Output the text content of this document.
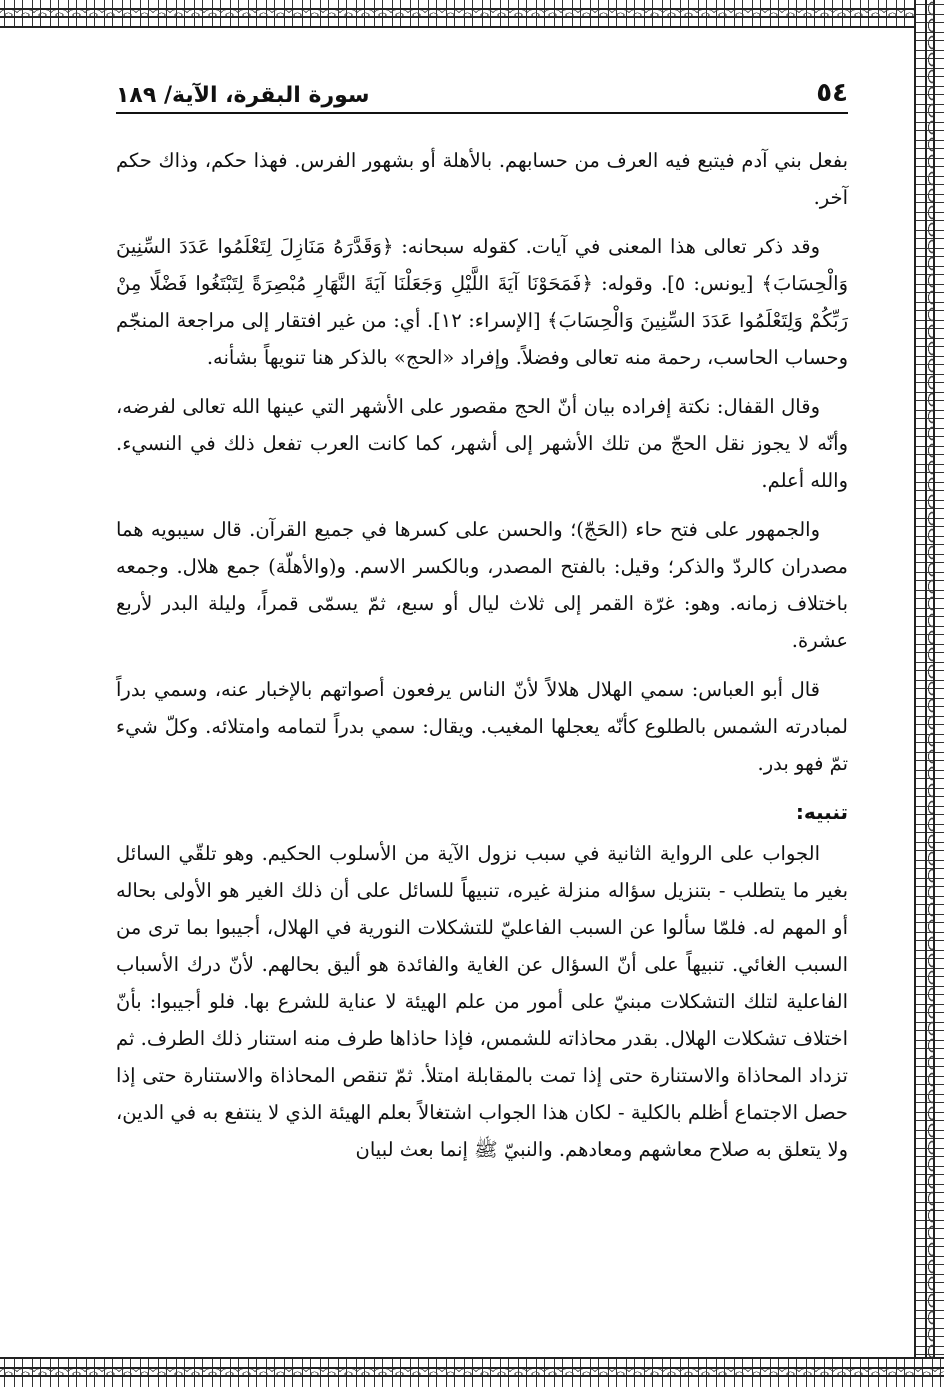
٥٤
سورة البقرة، الآية/ ١٨٩

بفعل بني آدم فيتبع فيه العرف من حسابهم. بالأهلة أو بشهور الفرس. فهذا حكم، وذاك حكم آخر.

وقد ذكر تعالى هذا المعنى في آيات. كقوله سبحانه: ﴿وَقَدَّرَهُ مَنَازِلَ لِتَعْلَمُوا عَدَدَ السِّنِينَ وَالْحِسَابَ﴾ [يونس: ٥]. وقوله: ﴿فَمَحَوْنَا آيَةَ اللَّيْلِ وَجَعَلْنَا آيَةَ النَّهَارِ مُبْصِرَةً لِتَبْتَغُوا فَضْلًا مِنْ رَبِّكُمْ وَلِتَعْلَمُوا عَدَدَ السِّنِينَ وَالْحِسَابَ﴾ [الإسراء: ١٢]. أي: من غير افتقار إلى مراجعة المنجّم وحساب الحاسب، رحمة منه تعالى وفضلاً. وإفراد «الحج» بالذكر هنا تنويهاً بشأنه.

وقال القفال: نكتة إفراده بيان أنّ الحج مقصور على الأشهر التي عينها الله تعالى لفرضه، وأنّه لا يجوز نقل الحجّ من تلك الأشهر إلى أشهر، كما كانت العرب تفعل ذلك في النسيء. والله أعلم.

والجمهور على فتح حاء (الحَجّ)؛ والحسن على كسرها في جميع القرآن. قال سيبويه هما مصدران كالردّ والذكر؛ وقيل: بالفتح المصدر، وبالكسر الاسم. و(والأهلّة) جمع هلال. وجمعه باختلاف زمانه. وهو: غرّة القمر إلى ثلاث ليال أو سبع، ثمّ يسمّى قمراً، وليلة البدر لأربع عشرة.

قال أبو العباس: سمي الهلال هلالاً لأنّ الناس يرفعون أصواتهم بالإخبار عنه، وسمي بدراً لمبادرته الشمس بالطلوع كأنّه يعجلها المغيب. ويقال: سمي بدراً لتمامه وامتلائه. وكلّ شيء تمّ فهو بدر.

تنبيه:

الجواب على الرواية الثانية في سبب نزول الآية من الأسلوب الحكيم. وهو تلقّي السائل بغير ما يتطلب - بتنزيل سؤاله منزلة غيره، تنبيهاً للسائل على أن ذلك الغير هو الأولى بحاله أو المهم له. فلمّا سألوا عن السبب الفاعليّ للتشكلات النورية في الهلال، أجيبوا بما ترى من السبب الغائي. تنبيهاً على أنّ السؤال عن الغاية والفائدة هو أليق بحالهم. لأنّ درك الأسباب الفاعلية لتلك التشكلات مبنيّ على أمور من علم الهيئة لا عناية للشرع بها. فلو أجيبوا: بأنّ اختلاف تشكلات الهلال. بقدر محاذاته للشمس، فإذا حاذاها طرف منه استنار ذلك الطرف. ثم تزداد المحاذاة والاستنارة حتى إذا تمت بالمقابلة امتلأ. ثمّ تنقص المحاذاة والاستنارة حتى إذا حصل الاجتماع أظلم بالكلية - لكان هذا الجواب اشتغالاً بعلم الهيئة الذي لا ينتفع به في الدين، ولا يتعلق به صلاح معاشهم ومعادهم. والنبيّ ﷺ إنما بعث لبيان
